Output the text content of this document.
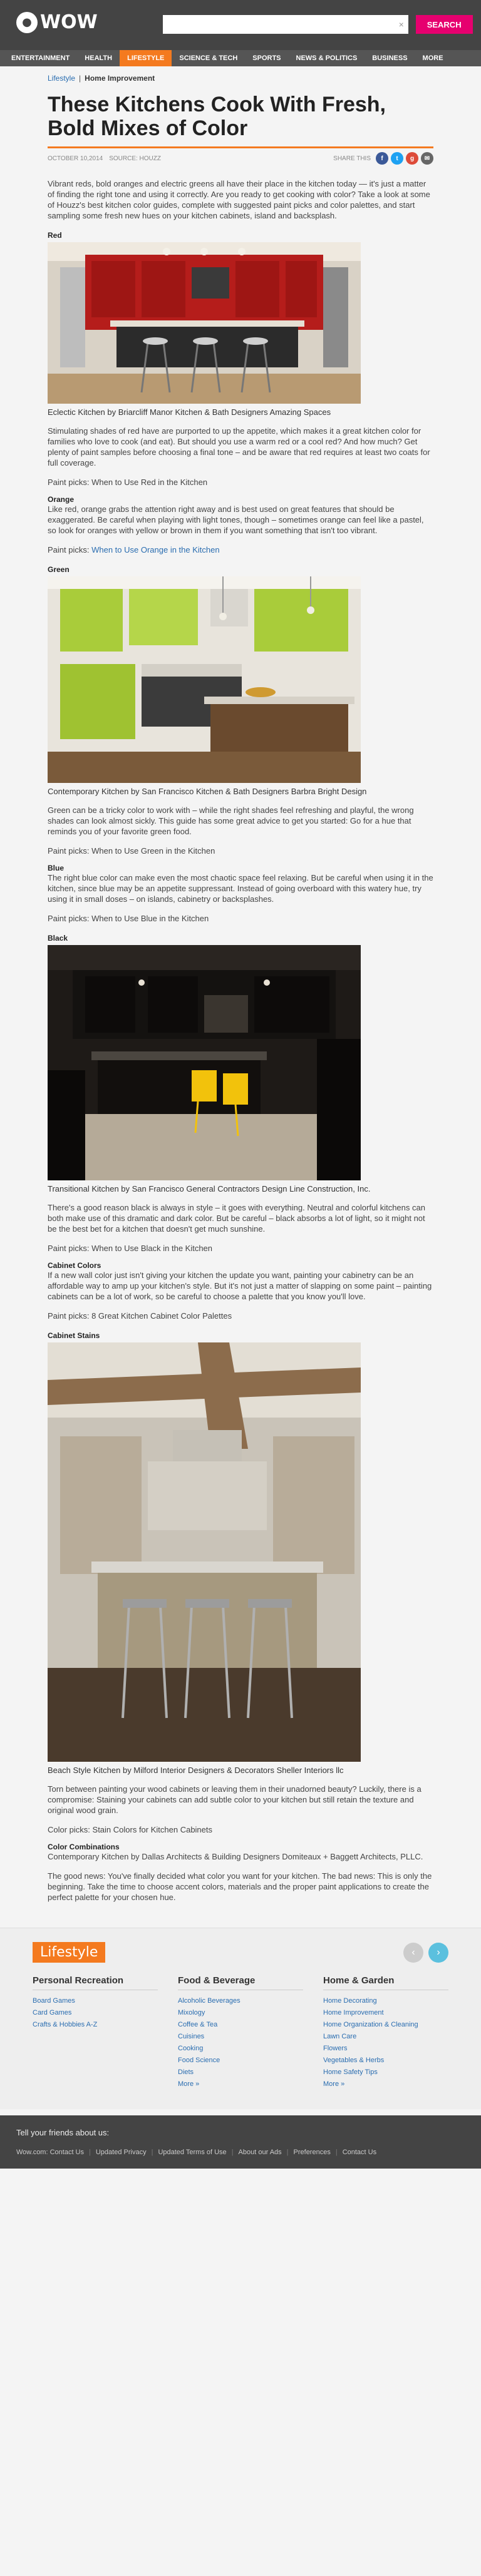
● WOW	×	SEARCH
ENTERTAINMENT	HEALTH	LIFESTYLE	SCIENCE & TECH	SPORTS	NEWS & POLITICS	BUSINESS	MORE
Lifestyle | Home Improvement
These Kitchens Cook With Fresh, Bold Mixes of Color
OCTOBER 10,2014 SOURCE: HOUZZ	SHARE THIS	f	t	g	✉

Vibrant reds, bold oranges and electric greens all have their place in the kitchen today — it's just a matter of finding the right tone and using it correctly. Are you ready to get cooking with color? Take a look at some of Houzz's best kitchen color guides, complete with suggested paint picks and color palettes, and start sampling some fresh new hues on your kitchen cabinets, island and backsplash.

Red
Eclectic Kitchen by Briarcliff Manor Kitchen & Bath Designers Amazing Spaces

Stimulating shades of red have are purported to up the appetite, which makes it a great kitchen color for families who love to cook (and eat). But should you use a warm red or a cool red? And how much? Get plenty of paint samples before choosing a final tone – and be aware that red requires at least two coats for full coverage.

Paint picks: When to Use Red in the Kitchen

Orange

Like red, orange grabs the attention right away and is best used on great features that should be exaggerated. Be careful when playing with light tones, though – sometimes orange can feel like a pastel, so look for oranges with yellow or brown in them if you want something that isn't too vibrant.

Paint picks: When to Use Orange in the Kitchen

Green
Contemporary Kitchen by San Francisco Kitchen & Bath Designers Barbra Bright Design

Green can be a tricky color to work with – while the right shades feel refreshing and playful, the wrong shades can look almost sickly. This guide has some great advice to get you started: Go for a hue that reminds you of your favorite green food.

Paint picks: When to Use Green in the Kitchen

Blue

The right blue color can make even the most chaotic space feel relaxing. But be careful when using it in the kitchen, since blue may be an appetite suppressant. Instead of going overboard with this watery hue, try using it in small doses – on islands, cabinetry or backsplashes.

Paint picks: When to Use Blue in the Kitchen

Black
Transitional Kitchen by San Francisco General Contractors Design Line Construction, Inc.

There's a good reason black is always in style – it goes with everything. Neutral and colorful kitchens can both make use of this dramatic and dark color. But be careful – black absorbs a lot of light, so it might not be the best bet for a kitchen that doesn't get much sunshine.

Paint picks: When to Use Black in the Kitchen

Cabinet Colors

If a new wall color just isn't giving your kitchen the update you want, painting your cabinetry can be an affordable way to amp up your kitchen's style. But it's not just a matter of slapping on some paint – painting cabinets can be a lot of work, so be careful to choose a palette that you know you'll love.

Paint picks: 8 Great Kitchen Cabinet Color Palettes

Cabinet Stains
Beach Style Kitchen by Milford Interior Designers & Decorators Sheller Interiors llc

Torn between painting your wood cabinets or leaving them in their unadorned beauty? Luckily, there is a compromise: Staining your cabinets can add subtle color to your kitchen but still retain the texture and original wood grain.

Color picks: Stain Colors for Kitchen Cabinets

Color Combinations

Contemporary Kitchen by Dallas Architects & Building Designers Domiteaux + Baggett Architects, PLLC.

The good news: You've finally decided what color you want for your kitchen. The bad news: This is only the beginning. Take the time to choose accent colors, materials and the proper paint applications to create the perfect palette for your chosen hue.

Lifestyle	‹	›
Personal Recreation
Board Games
Card Games
Crafts & Hobbies A-Z
Food & Beverage
Alcoholic Beverages
Mixology
Coffee & Tea
Cuisines
Cooking
Food Science
Diets
More »
Home & Garden
Home Decorating
Home Improvement
Home Organization & Cleaning
Lawn Care
Flowers
Vegetables & Herbs
Home Safety Tips
More »
Tell your friends about us:
Wow.com: Contact Us | Updated Privacy | Updated Terms of Use | About our Ads | Preferences | Contact Us
